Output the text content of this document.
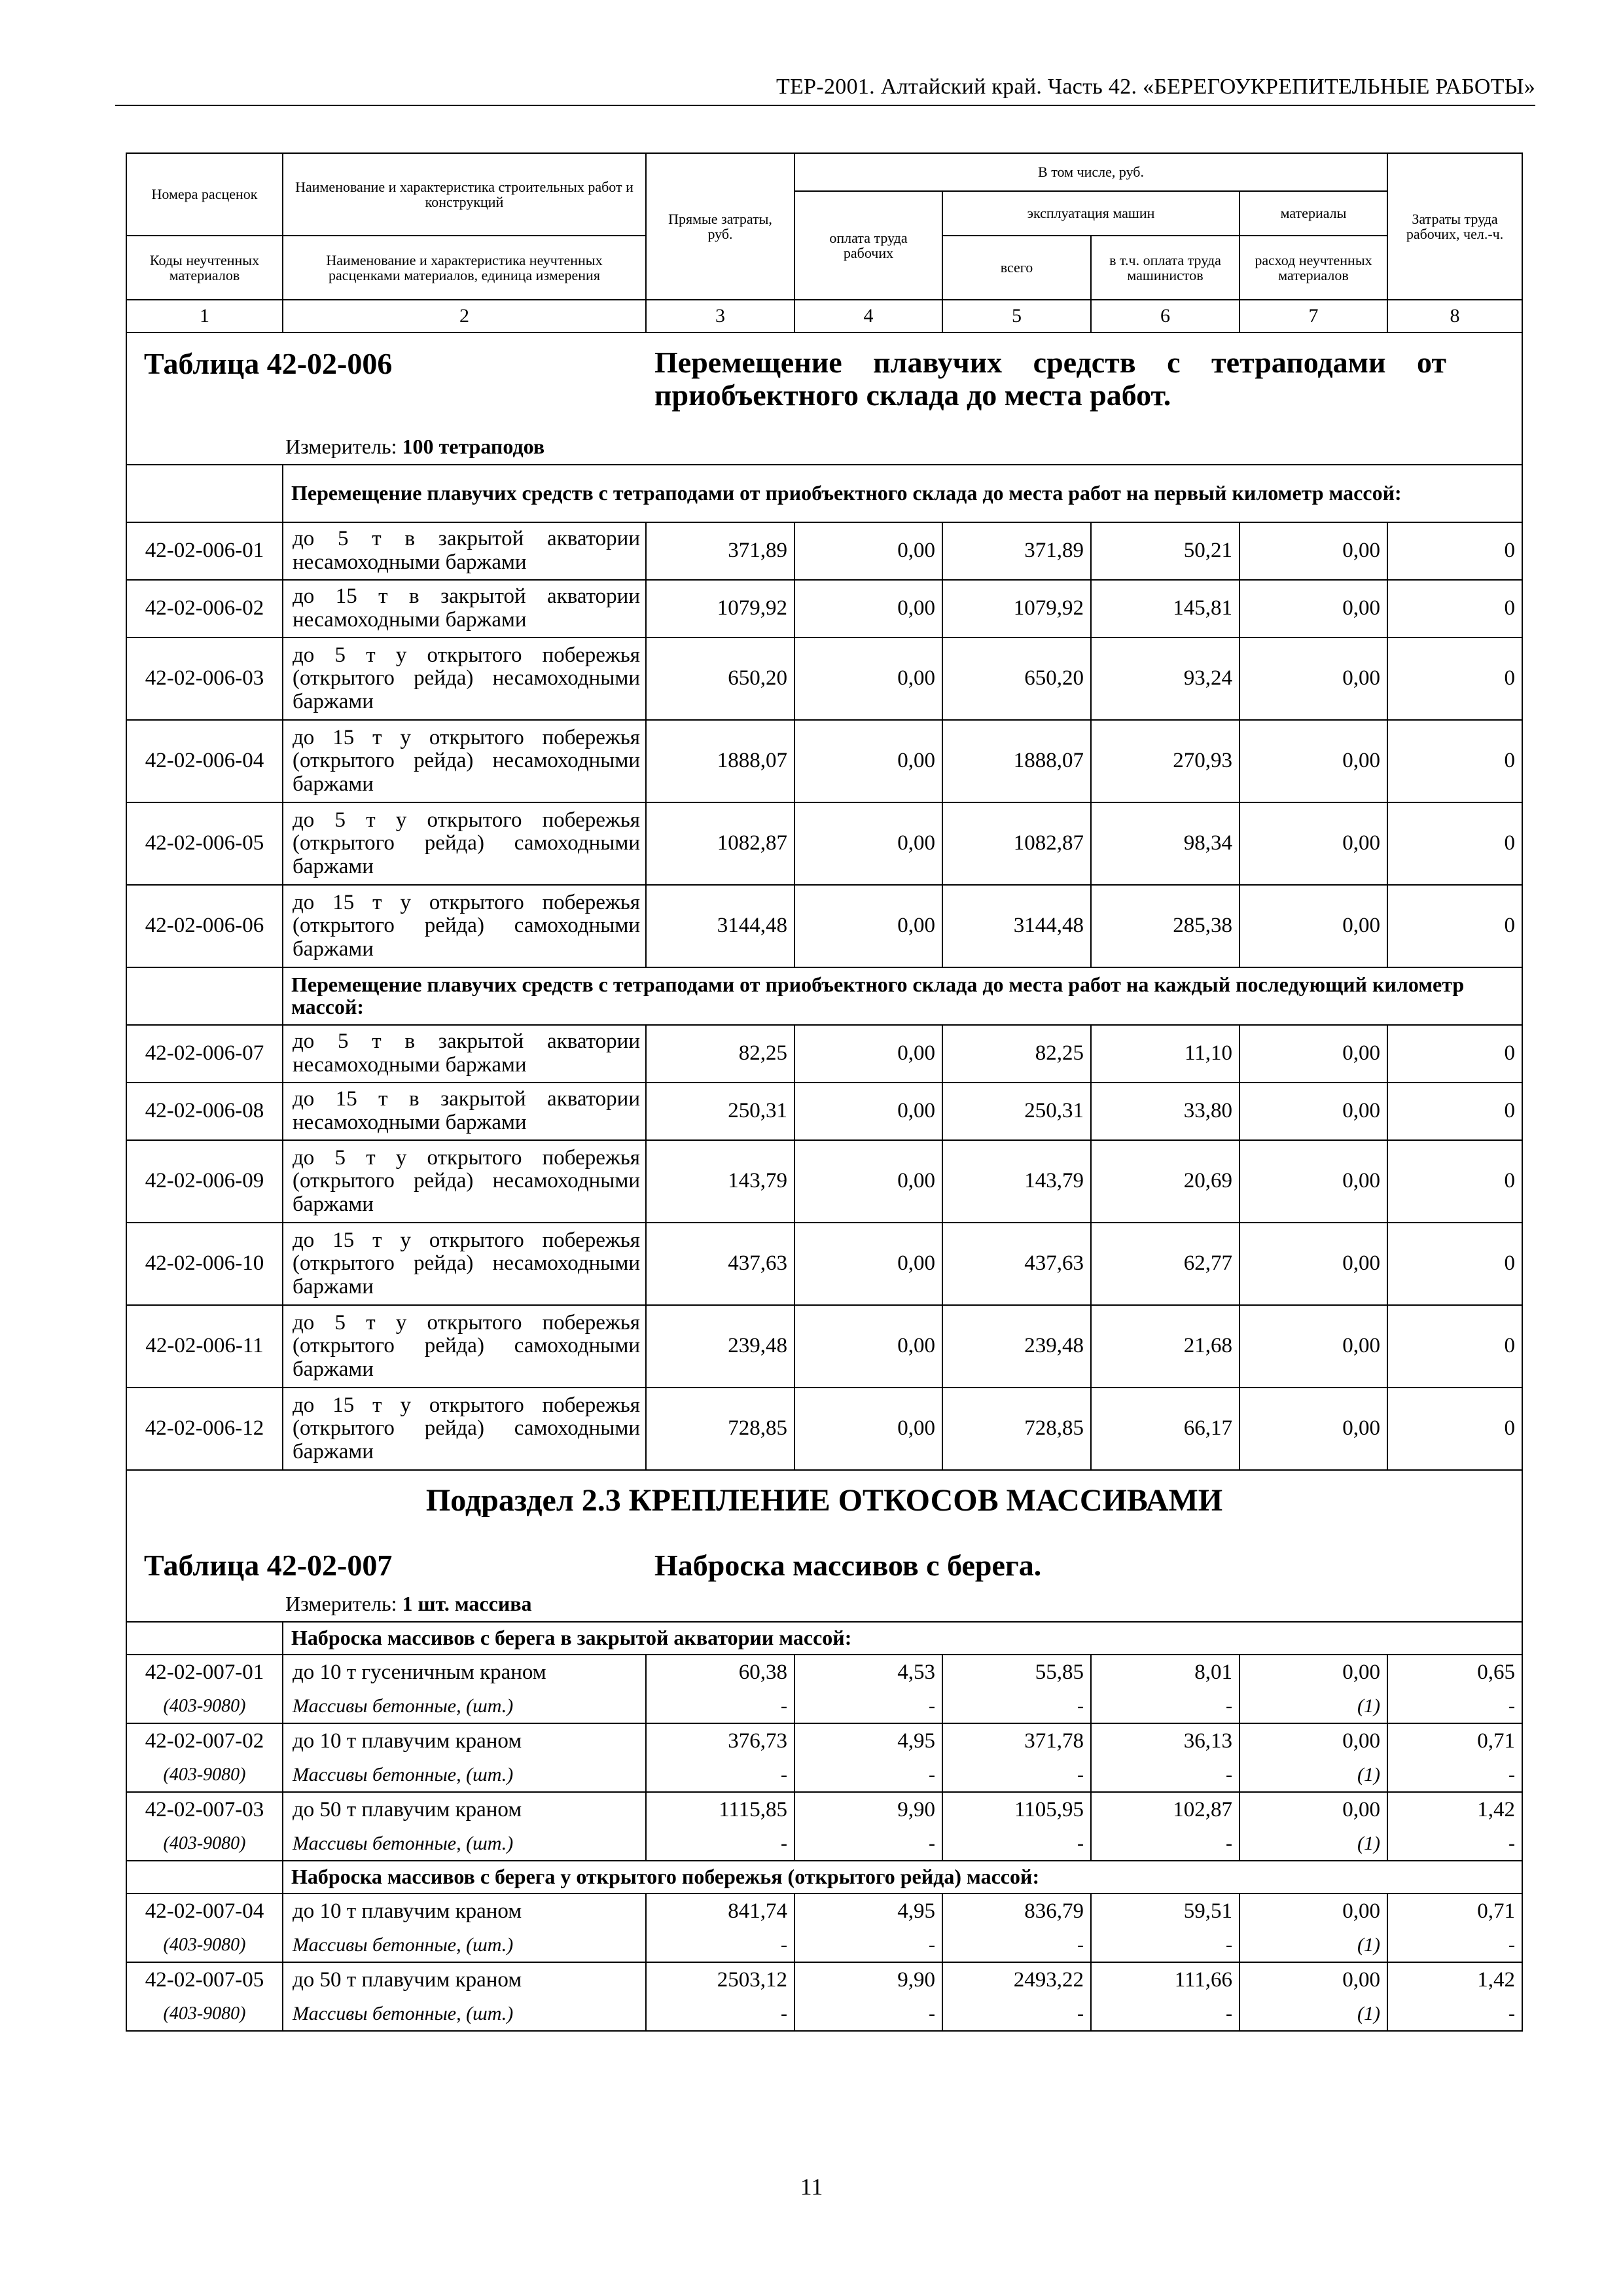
ТЕР-2001. Алтайский край. Часть 42. «БЕРЕГОУКРЕПИТЕЛЬНЫЕ РАБОТЫ»
Номера расценок	Наименование и характеристика строительных работ и конструкций	Прямые затраты, руб.	В том числе, руб.				Затраты труда рабочих, чел.-ч.
			оплата труда рабочих	эксплуатация машин		материалы	
Коды неучтенных материалов	Наименование и характеристика неучтенных расценками материалов, единица измерения			всего	в т.ч. оплата труда машинистов	расход неучтенных материалов	
1	2	3	4	5	6	7	8

Таблица 42-02-006 Перемещение плавучих средств с тетраподами от приобъектного склада до места работ.
Измеритель: 100 тетраподов							

	Перемещение плавучих средств с тетраподами от приобъектного склада до места работ на первый километр массой:						
42-02-006-01	до 5 т в закрытой акватории несамоходными баржами	371,89	0,00	371,89	50,21	0,00	0
42-02-006-02	до 15 т в закрытой акватории несамоходными баржами	1079,92	0,00	1079,92	145,81	0,00	0
42-02-006-03	до 5 т у открытого побережья (открытого рейда) несамоходными баржами	650,20	0,00	650,20	93,24	0,00	0
42-02-006-04	до 15 т у открытого побережья (открытого рейда) несамоходными баржами	1888,07	0,00	1888,07	270,93	0,00	0
42-02-006-05	до 5 т у открытого побережья (открытого рейда) самоходными баржами	1082,87	0,00	1082,87	98,34	0,00	0
42-02-006-06	до 15 т у открытого побережья (открытого рейда) самоходными баржами	3144,48	0,00	3144,48	285,38	0,00	0
	Перемещение плавучих средств с тетраподами от приобъектного склада до места работ на каждый последующий километр массой:						
42-02-006-07	до 5 т в закрытой акватории несамоходными баржами	82,25	0,00	82,25	11,10	0,00	0
42-02-006-08	до 15 т в закрытой акватории несамоходными баржами	250,31	0,00	250,31	33,80	0,00	0
42-02-006-09	до 5 т у открытого побережья (открытого рейда) несамоходными баржами	143,79	0,00	143,79	20,69	0,00	0
42-02-006-10	до 15 т у открытого побережья (открытого рейда) несамоходными баржами	437,63	0,00	437,63	62,77	0,00	0
42-02-006-11	до 5 т у открытого побережья (открытого рейда) самоходными баржами	239,48	0,00	239,48	21,68	0,00	0
42-02-006-12	до 15 т у открытого побережья (открытого рейда) самоходными баржами	728,85	0,00	728,85	66,17	0,00	0

Подраздел 2.3 КРЕПЛЕНИЕ ОТКОСОВ МАССИВАМИ
Таблица 42-02-007 Наброска массивов с берега.
Измеритель: 1 шт. массива							

	Наброска массивов с берега в закрытой акватории массой:						
42-02-007-01	до 10 т гусеничным краном	60,38	4,53	55,85	8,01	0,00	0,65
(403-9080)	Массивы бетонные, (шт.)	-	-	-	-	(1)	-
42-02-007-02	до 10 т плавучим краном	376,73	4,95	371,78	36,13	0,00	0,71
(403-9080)	Массивы бетонные, (шт.)	-	-	-	-	(1)	-
42-02-007-03	до 50 т плавучим краном	1115,85	9,90	1105,95	102,87	0,00	1,42
(403-9080)	Массивы бетонные, (шт.)	-	-	-	-	(1)	-
	Наброска массивов с берега у открытого побережья (открытого рейда) массой:						
42-02-007-04	до 10 т плавучим краном	841,74	4,95	836,79	59,51	0,00	0,71
(403-9080)	Массивы бетонные, (шт.)	-	-	-	-	(1)	-
42-02-007-05	до 50 т плавучим краном	2503,12	9,90	2493,22	111,66	0,00	1,42
(403-9080)	Массивы бетонные, (шт.)	-	-	-	-	(1)	-
11
